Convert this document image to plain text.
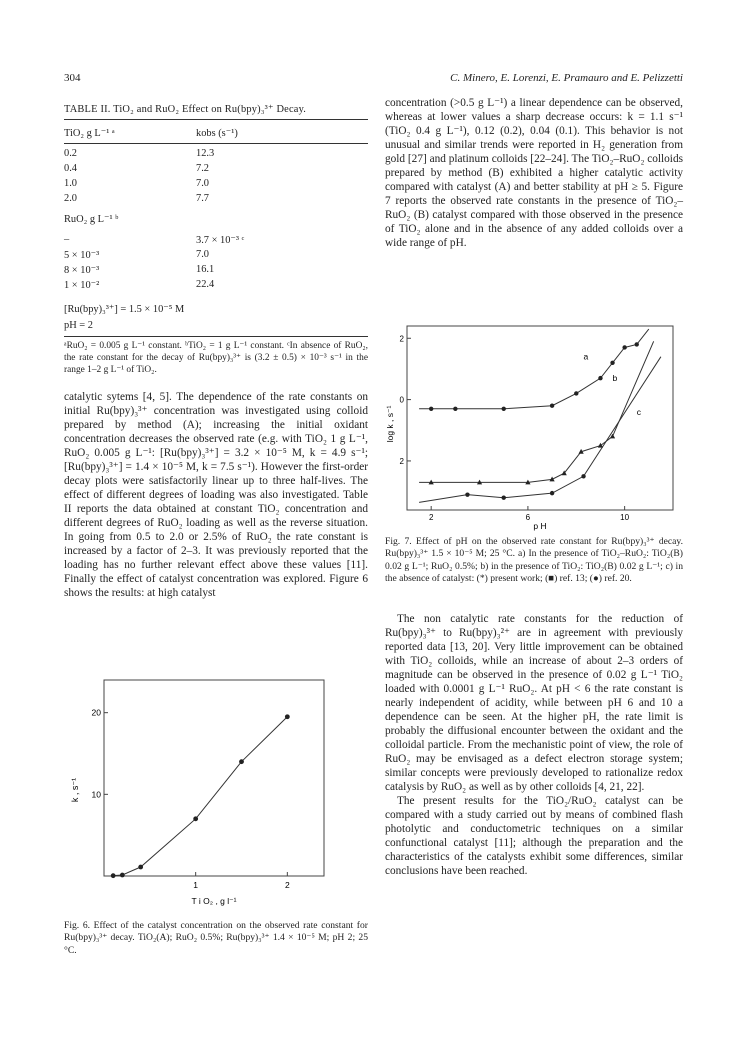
304	C. Minero, E. Lorenzi, E. Pramauro and E. Pelizzetti
TABLE II. TiO₂ and RuO₂ Effect on Ru(bpy)₃³⁺ Decay.
TiO₂ g L⁻¹ ᵃ	kobs (s⁻¹)
0.2	12.3
0.4	7.2
1.0	7.0
2.0	7.7
RuO₂ g L⁻¹ ᵇ
–	3.7 × 10⁻³ ᶜ
5 × 10⁻³	7.0
8 × 10⁻³	16.1
1 × 10⁻²	22.4
[Ru(bpy)₃³⁺] = 1.5 × 10⁻⁵ M
pH = 2
ᵃRuO₂ = 0.005 g L⁻¹ constant. ᵇTiO₂ = 1 g L⁻¹ constant. ᶜIn absence of RuO₂, the rate constant for the decay of Ru(bpy)₃³⁺ is (3.2 ± 0.5) × 10⁻³ s⁻¹ in the range 1–2 g L⁻¹ of TiO₂.

catalytic sytems [4, 5]. The dependence of the rate constants on initial Ru(bpy)₃³⁺ concentration was investigated using colloid prepared by method (A); increasing the initial oxidant concentration decreases the observed rate (e.g. with TiO₂ 1 g L⁻¹, RuO₂ 0.005 g L⁻¹: [Ru(bpy)₃³⁺] = 3.2 × 10⁻⁵ M, k = 4.9 s⁻¹; [Ru(bpy)₃³⁺] = 1.4 × 10⁻⁵ M, k = 7.5 s⁻¹). However the first-order decay plots were satisfactorily linear up to three half-lives. The effect of different degrees of loading was also investigated. Table II reports the data obtained at constant TiO₂ concentration and different degrees of RuO₂ loading as well as the reverse situation. In going from 0.5 to 2.0 or 2.5% of RuO₂ the rate constant is increased by a factor of 2–3. It was previously reported that the loading has no further relevant effect above these values [11]. Finally the effect of catalyst concentration was explored. Figure 6 shows the results: at high catalyst

1	2
10
20
k , s⁻¹
T i O₂ , g l⁻¹
Fig. 6. Effect of the catalyst concentration on the observed rate constant for Ru(bpy)₃³⁺ decay. TiO₂(A); RuO₂ 0.5%; Ru(bpy)₃³⁺ 1.4 × 10⁻⁵ M; pH 2; 25 °C.

concentration (>0.5 g L⁻¹) a linear dependence can be observed, whereas at lower values a sharp decrease occurs: k = 1.1 s⁻¹ (TiO₂ 0.4 g L⁻¹), 0.12 (0.2), 0.04 (0.1). This behavior is not unusual and similar trends were reported in H₂ generation from gold [27] and platinum colloids [22–24]. The TiO₂–RuO₂ colloids prepared by method (B) exhibited a higher catalytic activity compared with catalyst (A) and better stability at pH ≥ 5. Figure 7 reports the observed rate constants in the presence of TiO₂–RuO₂ (B) catalyst compared with those observed in the presence of TiO₂ alone and in the absence of any added colloids over a wide range of pH.

2	6	10
2
0
2
a
b
c
log k , s⁻¹
p H
Fig. 7. Effect of pH on the observed rate constant for Ru(bpy)₃³⁺ decay. Ru(bpy)₃³⁺ 1.5 × 10⁻⁵ M; 25 °C. a) In the presence of TiO₂–RuO₂: TiO₂(B) 0.02 g L⁻¹; RuO₂ 0.5%; b) in the presence of TiO₂: TiO₂(B) 0.02 g L⁻¹; c) in the absence of catalyst: (*) present work; (■) ref. 13; (●) ref. 20.

The non catalytic rate constants for the reduction of Ru(bpy)₃³⁺ to Ru(bpy)₃²⁺ are in agreement with previously reported data [13, 20]. Very little improvement can be obtained with TiO₂ colloids, while an increase of about 2–3 orders of magnitude can be observed in the presence of 0.02 g L⁻¹ TiO₂ loaded with 0.0001 g L⁻¹ RuO₂. At pH < 6 the rate constant is nearly independent of acidity, while between pH 6 and 10 a dependence can be seen. At the higher pH, the rate limit is probably the diffusional encounter between the oxidant and the colloidal particle. From the mechanistic point of view, the role of RuO₂ may be envisaged as a defect electron storage system; similar concepts were previously developed to rationalize redox catalysis by RuO₂ as well as by other colloids [4, 21, 22].

The present results for the TiO₂/RuO₂ catalyst can be compared with a study carried out by means of combined flash photolytic and conductometric techniques on a similar confunctional catalyst [11]; although the preparation and the characteristics of the catalysts exhibit some differences, similar conclusions have been reached.
